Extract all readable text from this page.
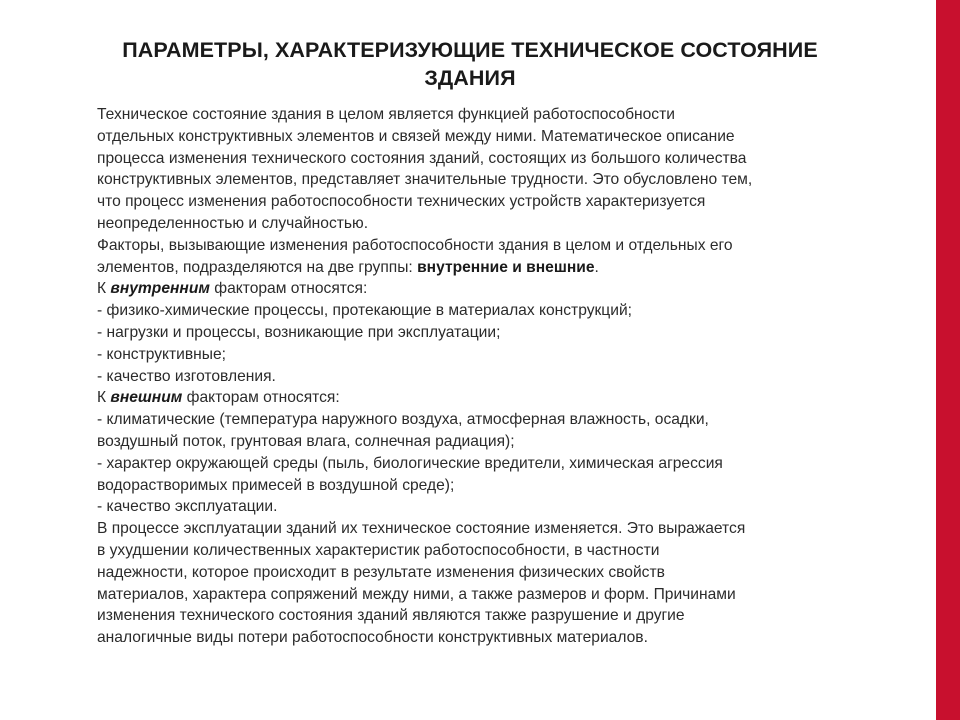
ПАРАМЕТРЫ, ХАРАКТЕРИЗУЮЩИЕ ТЕХНИЧЕСКОЕ СОСТОЯНИЕ
ЗДАНИЯ
Техническое состояние здания в целом является функцией работоспособности
отдельных конструктивных элементов и связей между ними. Математическое описание
процесса изменения технического состояния зданий, состоящих из большого количества
конструктивных элементов, представляет значительные трудности. Это обусловлено тем,
что процесс изменения работоспособности технических устройств характеризуется
неопределенностью и случайностью.
Факторы, вызывающие изменения работоспособности здания в целом и отдельных его
элементов, подразделяются на две группы: внутренние и внешние.
К внутренним факторам относятся:
- физико-химические процессы, протекающие в материалах конструкций;
- нагрузки и процессы, возникающие при эксплуатации;
- конструктивные;
- качество изготовления.
К внешним факторам относятся:
- климатические (температура наружного воздуха, атмосферная влажность, осадки,
воздушный поток, грунтовая влага, солнечная радиация);
- характер окружающей среды (пыль, биологические вредители, химическая агрессия
водорастворимых примесей в воздушной среде);
- качество эксплуатации.
В процессе эксплуатации зданий их техническое состояние изменяется. Это выражается
в ухудшении количественных характеристик работоспособности, в частности
надежности, которое происходит в результате изменения физических свойств
материалов, характера сопряжений между ними, а также размеров и форм. Причинами
изменения технического состояния зданий являются также разрушение и другие
аналогичные виды потери работоспособности конструктивных материалов.
